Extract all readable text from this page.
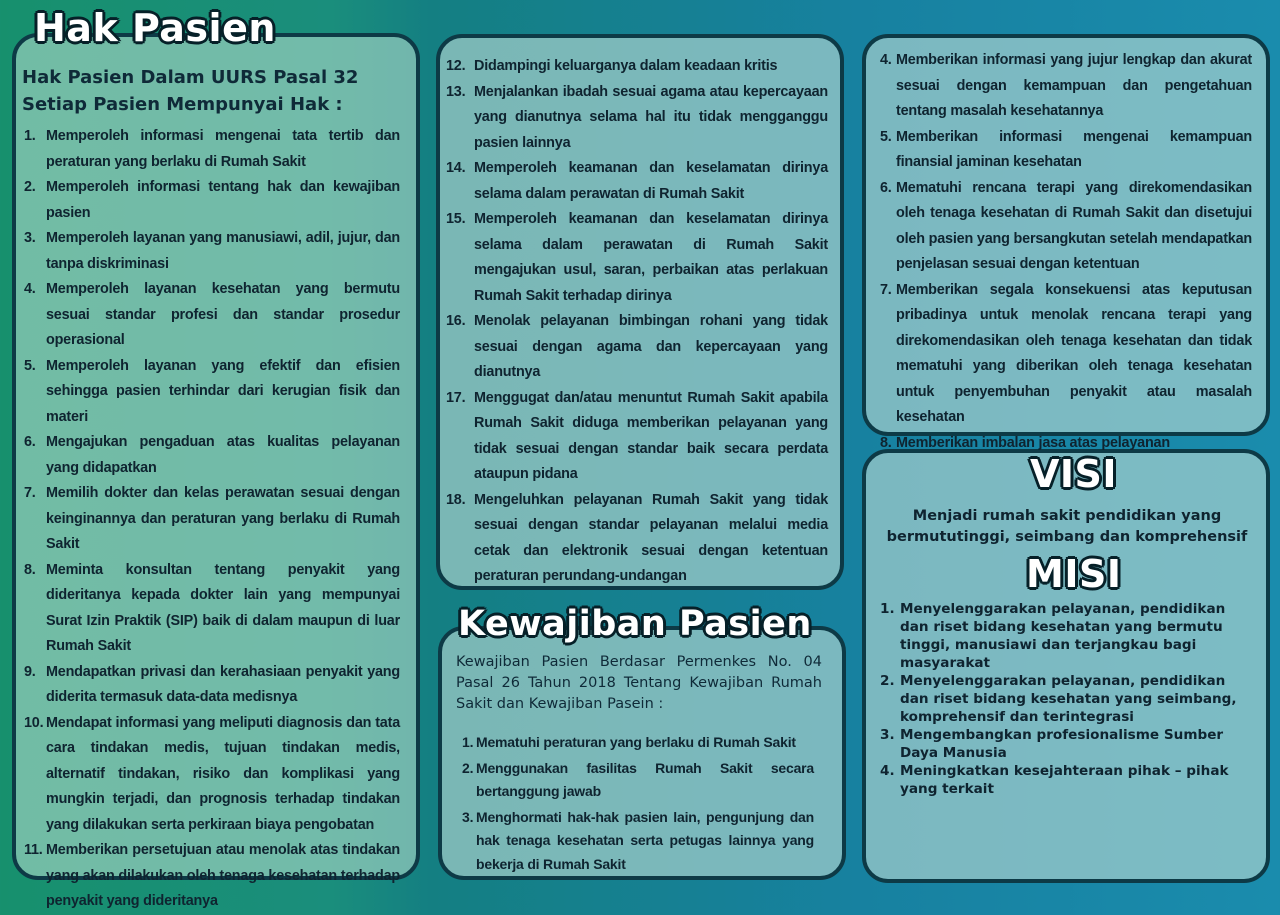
Hak Pasien
Hak Pasien Dalam UURS Pasal 32
Setiap Pasien Mempunyai Hak :
1. Memperoleh informasi mengenai tata tertib dan peraturan yang berlaku di Rumah Sakit
2. Memperoleh informasi tentang hak dan kewajiban pasien
3. Memperoleh layanan yang manusiawi, adil, jujur, dan tanpa diskriminasi
4. Memperoleh layanan kesehatan yang bermutu sesuai standar profesi dan standar prosedur operasional
5. Memperoleh layanan yang efektif dan efisien sehingga pasien terhindar dari kerugian fisik dan materi
6. Mengajukan pengaduan atas kualitas pelayanan yang didapatkan
7. Memilih dokter dan kelas perawatan sesuai dengan keinginannya dan peraturan yang berlaku di Rumah Sakit
8. Meminta konsultan tentang penyakit yang dideritanya kepada dokter lain yang mempunyai Surat Izin Praktik (SIP) baik di dalam maupun di luar Rumah Sakit
9. Mendapatkan privasi dan kerahasiaan penyakit yang diderita termasuk data-data medisnya
10. Mendapat informasi yang meliputi diagnosis dan tata cara tindakan medis, tujuan tindakan medis, alternatif tindakan, risiko dan komplikasi yang mungkin terjadi, dan prognosis terhadap tindakan yang dilakukan serta perkiraan biaya pengobatan
11. Memberikan persetujuan atau menolak atas tindakan yang akan dilakukan oleh tenaga kesehatan terhadap penyakit yang dideritanya
12. Didampingi keluarganya dalam keadaan kritis
13. Menjalankan ibadah sesuai agama atau kepercayaan yang dianutnya selama hal itu tidak mengganggu pasien lainnya
14. Memperoleh keamanan dan keselamatan dirinya selama dalam perawatan di Rumah Sakit
15. Memperoleh keamanan dan keselamatan dirinya selama dalam perawatan di Rumah Sakit mengajukan usul, saran, perbaikan atas perlakuan Rumah Sakit terhadap dirinya
16. Menolak pelayanan bimbingan rohani yang tidak sesuai dengan agama dan kepercayaan yang dianutnya
17. Menggugat dan/atau menuntut Rumah Sakit apabila Rumah Sakit diduga memberikan pelayanan yang tidak sesuai dengan standar baik secara perdata ataupun pidana
18. Mengeluhkan pelayanan Rumah Sakit yang tidak sesuai dengan standar pelayanan melalui media cetak dan elektronik sesuai dengan ketentuan peraturan perundang-undangan
Kewajiban Pasien

Kewajiban Pasien Berdasar Permenkes No. 04 Pasal 26 Tahun 2018 Tentang Kewajiban Rumah Sakit dan Kewajiban Pasein :

1. Mematuhi peraturan yang berlaku di Rumah Sakit
2. Menggunakan fasilitas Rumah Sakit secara bertanggung jawab
3. Menghormati hak-hak pasien lain, pengunjung dan hak tenaga kesehatan serta petugas lainnya yang bekerja di Rumah Sakit
4. Memberikan informasi yang jujur lengkap dan akurat sesuai dengan kemampuan dan pengetahuan tentang masalah kesehatannya
5. Memberikan informasi mengenai kemampuan finansial jaminan kesehatan
6. Mematuhi rencana terapi yang direkomendasikan oleh tenaga kesehatan di Rumah Sakit dan disetujui oleh pasien yang bersangkutan setelah mendapatkan penjelasan sesuai dengan ketentuan
7. Memberikan segala konsekuensi atas keputusan pribadinya untuk menolak rencana terapi yang direkomendasikan oleh tenaga kesehatan dan tidak mematuhi yang diberikan oleh tenaga kesehatan untuk penyembuhan penyakit atau masalah kesehatan
8. Memberikan imbalan jasa atas pelayanan
VISI
Menjadi rumah sakit pendidikan yang
bermututinggi, seimbang dan komprehensif
MISI
1. Menyelenggarakan pelayanan, pendidikan dan riset bidang kesehatan yang bermutu tinggi, manusiawi dan terjangkau bagi masyarakat
2. Menyelenggarakan pelayanan, pendidikan dan riset bidang kesehatan yang seimbang, komprehensif dan terintegrasi
3. Mengembangkan profesionalisme Sumber Daya Manusia
4. Meningkatkan kesejahteraan pihak – pihak yang terkait
